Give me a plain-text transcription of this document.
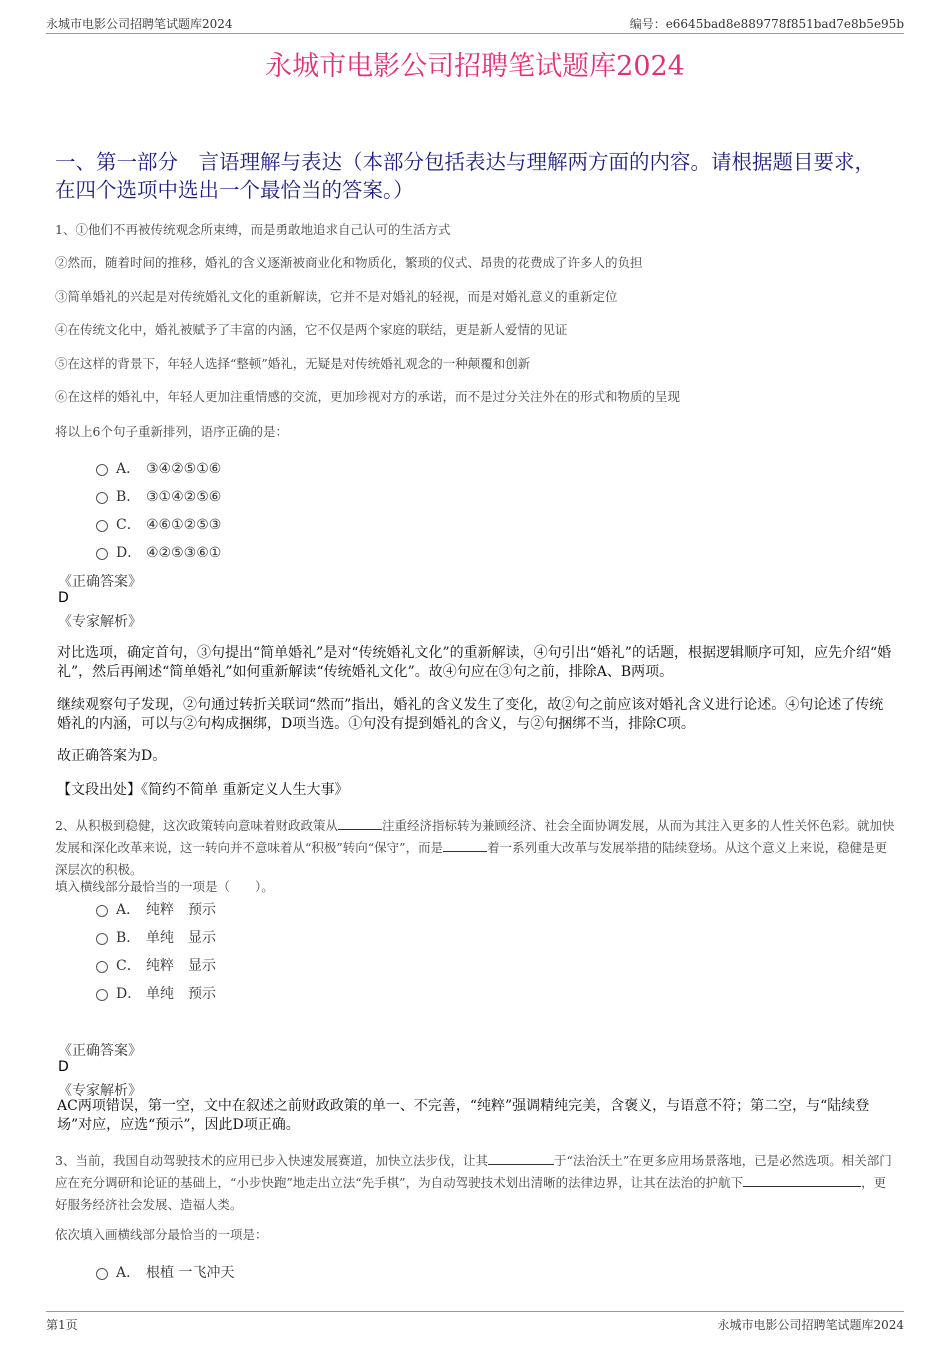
永城市电影公司招聘笔试题库2024	编号：e6645bad8e889778f851bad7e8b5e95b
永城市电影公司招聘笔试题库2024
一、第一部分　言语理解与表达（本部分包括表达与理解两方面的内容。请根据题目要求，在四个选项中选出一个最恰当的答案。）
1、①他们不再被传统观念所束缚，而是勇敢地追求自己认可的生活方式
②然而，随着时间的推移，婚礼的含义逐渐被商业化和物质化，繁琐的仪式、昂贵的花费成了许多人的负担
③简单婚礼的兴起是对传统婚礼文化的重新解读，它并不是对婚礼的轻视，而是对婚礼意义的重新定位
④在传统文化中，婚礼被赋予了丰富的内涵，它不仅是两个家庭的联结，更是新人爱情的见证
⑤在这样的背景下，年轻人选择“整顿”婚礼，无疑是对传统婚礼观念的一种颠覆和创新
⑥在这样的婚礼中，年轻人更加注重情感的交流，更加珍视对方的承诺，而不是过分关注外在的形式和物质的呈现
将以上6个句子重新排列，语序正确的是：
A． ③④②⑤①⑥
B． ③①④②⑤⑥
C． ④⑥①②⑤③
D． ④②⑤③⑥①
《正确答案》
D
《专家解析》
对比选项，确定首句，③句提出“简单婚礼”是对“传统婚礼文化”的重新解读，④句引出“婚礼”的话题，根据逻辑顺序可知，应先介绍“婚礼”，然后再阐述“简单婚礼”如何重新解读“传统婚礼文化”。故④句应在③句之前，排除A、B两项。
继续观察句子发现，②句通过转折关联词“然而”指出，婚礼的含义发生了变化，故②句之前应该对婚礼含义进行论述。④句论述了传统婚礼的内涵，可以与②句构成捆绑，D项当选。①句没有提到婚礼的含义，与②句捆绑不当，排除C项。
故正确答案为D。
【文段出处】《简约不简单 重新定义人生大事》
2、从积极到稳健，这次政策转向意味着财政政策从	注重经济指标转为兼顾经济、社会全面协调发展，从而为其注入更多的人性关怀色彩。就加快发展和深化改革来说，这一转向并不意味着从“积极”转向“保守”，而是	着一系列重大改革与发展举措的陆续登场。从这个意义上来说，稳健是更深层次的积极。
填入横线部分最恰当的一项是（　　）。
A． 纯粹　预示
B． 单纯　显示
C． 纯粹　显示
D． 单纯　预示
《正确答案》
D
《专家解析》
AC两项错误，第一空，文中在叙述之前财政政策的单一、不完善，“纯粹”强调精纯完美，含褒义，与语意不符；第二空，与“陆续登场”对应，应选“预示”，因此D项正确。
3、当前，我国自动驾驶技术的应用已步入快速发展赛道，加快立法步伐，让其	于“法治沃土”在更多应用场景落地，已是必然选项。相关部门应在充分调研和论证的基础上，“小步快跑”地走出立法“先手棋”，为自动驾驶技术划出清晰的法律边界，让其在法治的护航下	，更好服务经济社会发展、造福人类。
依次填入画横线部分最恰当的一项是：
A． 根植 一飞冲天
第1页	永城市电影公司招聘笔试题库2024
